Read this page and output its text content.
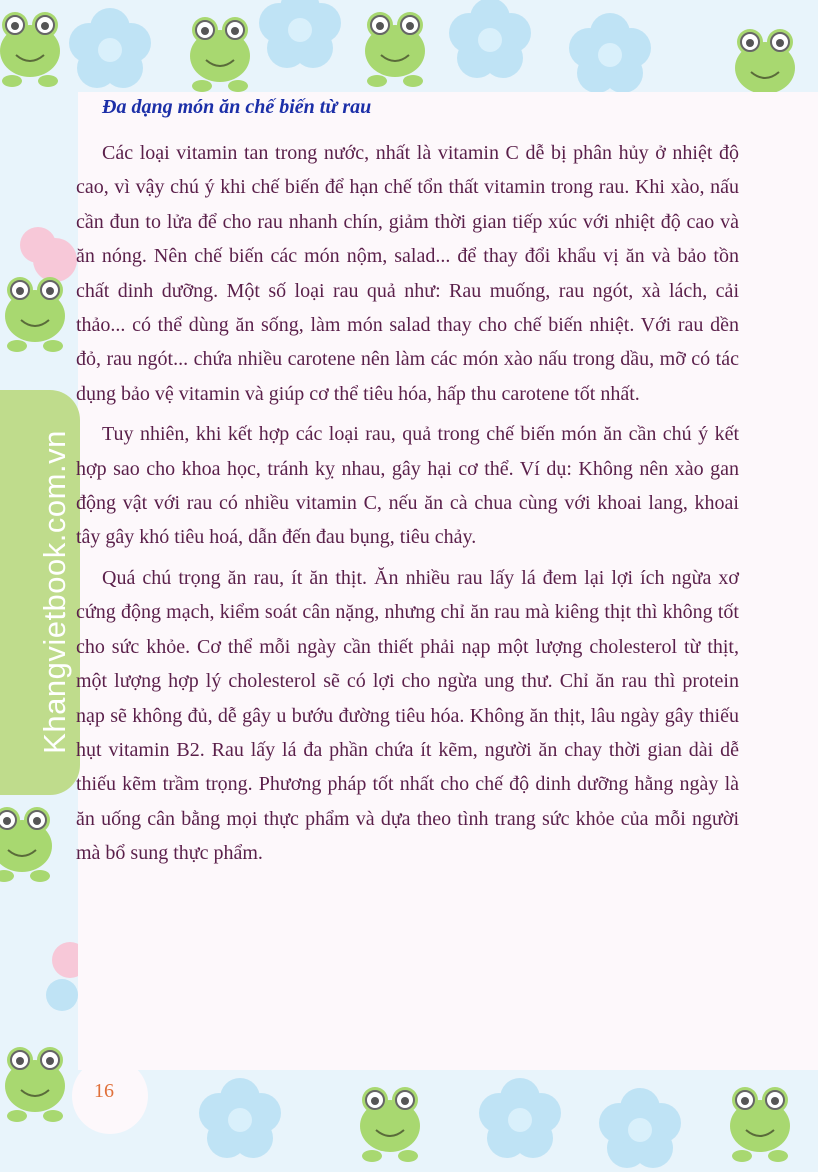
Khangvietbook.com.vn
Đa dạng món ăn chế biến từ rau

Các loại vitamin tan trong nước, nhất là vitamin C dễ bị phân hủy ở nhiệt độ cao, vì vậy chú ý khi chế biến để hạn chế tổn thất vitamin trong rau. Khi xào, nấu cần đun to lửa để cho rau nhanh chín, giảm thời gian tiếp xúc với nhiệt độ cao và ăn nóng. Nên chế biến các món nộm, salad... để thay đổi khẩu vị ăn và bảo tồn chất dinh dưỡng. Một số loại rau quả như: Rau muống, rau ngót, xà lách, cải thảo... có thể dùng ăn sống, làm món salad thay cho chế biến nhiệt. Với rau dền đỏ, rau ngót... chứa nhiều carotene nên làm các món xào nấu trong dầu, mỡ có tác dụng bảo vệ vitamin và giúp cơ thể tiêu hóa, hấp thu carotene tốt nhất.

Tuy nhiên, khi kết hợp các loại rau, quả trong chế biến món ăn cần chú ý kết hợp sao cho khoa học, tránh kỵ nhau, gây hại cơ thể. Ví dụ: Không nên xào gan động vật với rau có nhiều vitamin C, nếu ăn cà chua cùng với khoai lang, khoai tây gây khó tiêu hoá, dẫn đến đau bụng, tiêu chảy.

Quá chú trọng ăn rau, ít ăn thịt. Ăn nhiều rau lấy lá đem lại lợi ích ngừa xơ cứng động mạch, kiểm soát cân nặng, nhưng chỉ ăn rau mà kiêng thịt thì không tốt cho sức khỏe. Cơ thể mỗi ngày cần thiết phải nạp một lượng cholesterol từ thịt, một lượng hợp lý cholesterol sẽ có lợi cho ngừa ung thư. Chỉ ăn rau thì protein nạp sẽ không đủ, dễ gây u bướu đường tiêu hóa. Không ăn thịt, lâu ngày gây thiếu hụt vitamin B2. Rau lấy lá đa phần chứa ít kẽm, người ăn chay thời gian dài dễ thiếu kẽm trầm trọng. Phương pháp tốt nhất cho chế độ dinh dưỡng hằng ngày là ăn uống cân bằng mọi thực phẩm và dựa theo tình trang sức khỏe của mỗi người mà bổ sung thực phẩm.

16
